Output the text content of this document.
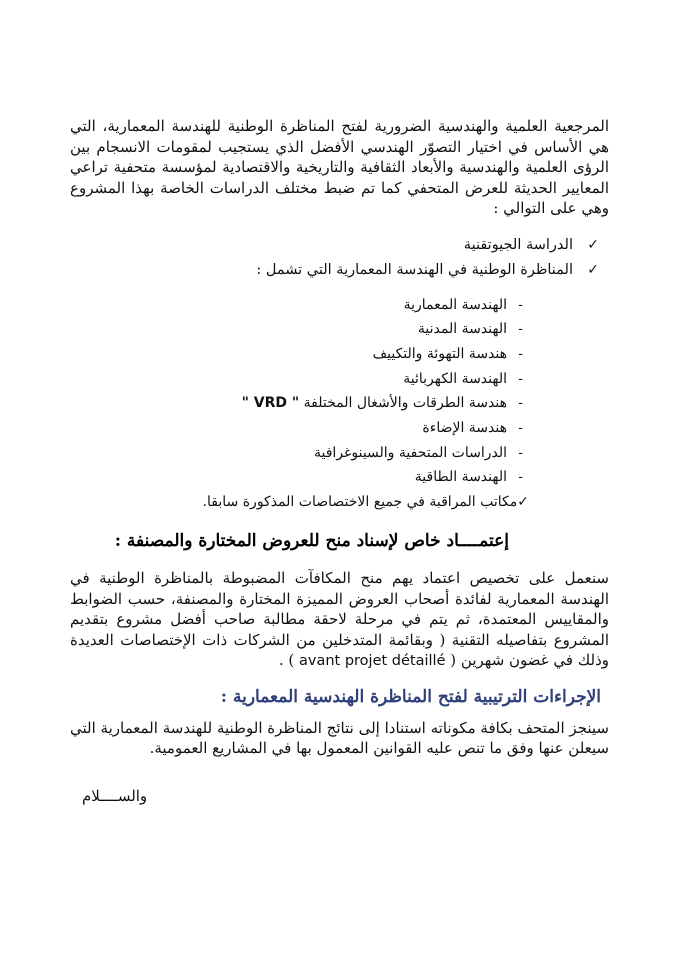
المرجعية العلمية والهندسية الضرورية لفتح المناظرة الوطنية للهندسة المعمارية، التي هي الأساس في اختيار التصوّر الهندسي الأفضل الذي يستجيب لمقومات الانسجام بين الرؤى العلمية والهندسية والأبعاد الثقافية والتاريخية والاقتصادية لمؤسسة متحفية تراعي المعايير الحديثة للعرض المتحفي كما تم ضبط مختلف الدراسات الخاصة بهذا المشروع وهي على التوالي :

✓الدراسة الجيوتقنية
✓المناظرة الوطنية في الهندسة المعمارية التي تشمل :
-الهندسة المعمارية
-الهندسة المدنية
-هندسة التهوئة والتكييف
-الهندسة الكهربائية
-هندسة الطرقات والأشغال المختلفة " VRD "
-هندسة الإضاءة
-الدراسات المتحفية والسينوغرافية
-الهندسة الطاقية

✓مكاتب المراقبة في جميع الاختصاصات المذكورة سابقا.

إعتمــــاد خاص لإسناد منح للعروض المختارة والمصنفة :

سنعمل على تخصيص اعتماد يهم منح المكافآت المضبوطة بالمناظرة الوطنية في الهندسة المعمارية لفائدة أصحاب العروض المميزة المختارة والمصنفة، حسب الضوابط والمقاييس المعتمدة، ثم يتم في مرحلة لاحقة مطالبة صاحب أفضل مشروع بتقديم المشروع بتفاصيله التقنية ( وبقائمة المتدخلين من الشركات ذات الإختصاصات العديدة وذلك في غضون شهرين ( avant projet détaillé ) .

الإجراءات الترتيبية لفتح المناظرة الهندسية المعمارية :

سينجز المتحف بكافة مكوناته استنادا إلى نتائج المناظرة الوطنية للهندسة المعمارية التي سيعلن عنها وفق ما تنص عليه القوانين المعمول بها في المشاريع العمومية.

والســــلام
